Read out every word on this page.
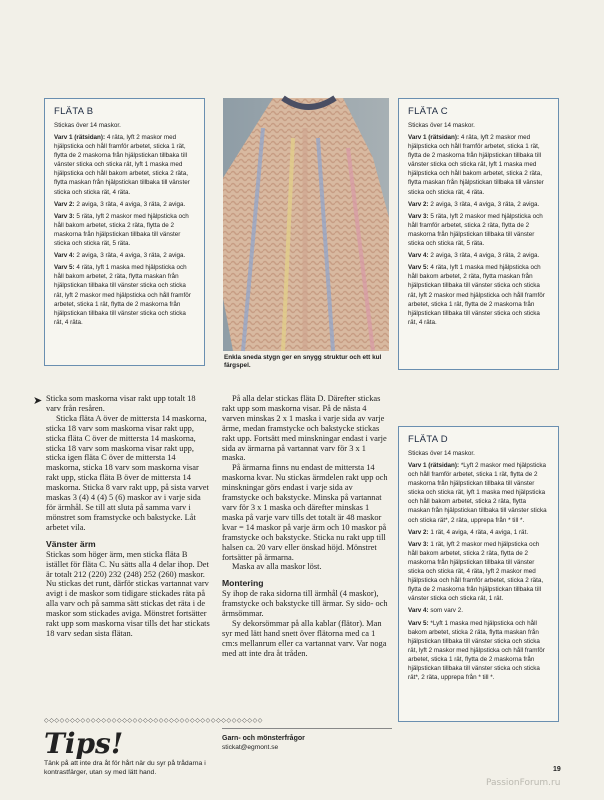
FLÄTA B
Stickas över 14 maskor.

Varv 1 (rätsidan): 4 räta, lyft 2 maskor med hjälpsticka och håll framför arbetet, sticka 1 rät, flytta de 2 maskorna från hjälpstickan tillbaka till vänster sticka och sticka rät, lyft 1 maska med hjälpsticka och håll bakom arbetet, sticka 2 räta, flytta maskan från hjälpstickan tillbaka till vänster sticka och sticka rät, 4 räta.

Varv 2: 2 aviga, 3 räta, 4 aviga, 3 räta, 2 aviga.

Varv 3: 5 räta, lyft 2 maskor med hjälpsticka och håll bakom arbetet, sticka 2 räta, flytta de 2 maskorna från hjälpstickan tillbaka till vänster sticka och sticka rät, 5 räta.

Varv 4: 2 aviga, 3 räta, 4 aviga, 3 räta, 2 aviga.

Varv 5: 4 räta, lyft 1 maska med hjälpsticka och håll bakom arbetet, 2 räta, flytta maskan från hjälpstickan tillbaka till vänster sticka och sticka rät, lyft 2 maskor med hjälpsticka och håll framför arbetet, sticka 1 rät, flytta de 2 maskorna från hjälpstickan tillbaka till vänster sticka och sticka rät, 4 räta.

Enkla sneda stygn ger en snygg struktur och ett kul färgspel.
FLÄTA C
Stickas över 14 maskor.

Varv 1 (rätsidan): 4 räta, lyft 2 maskor med hjälpsticka och håll framför arbetet, sticka 1 rät, flytta de 2 maskorna från hjälpstickan tillbaka till vänster sticka och sticka rät, lyft 1 maska med hjälpsticka och håll bakom arbetet, sticka 2 räta, flytta maskan från hjälpstickan tillbaka till vänster sticka och sticka rät, 4 räta.

Varv 2: 2 aviga, 3 räta, 4 aviga, 3 räta, 2 aviga.

Varv 3: 5 räta, lyft 2 maskor med hjälpsticka och håll framför arbetet, sticka 2 räta, flytta de 2 maskorna från hjälpstickan tillbaka till vänster sticka och sticka rät, 5 räta.

Varv 4: 2 aviga, 3 räta, 4 aviga, 3 räta, 2 aviga.

Varv 5: 4 räta, lyft 1 maska med hjälpsticka och håll bakom arbetet, 2 räta, flytta maskan från hjälpstickan tillbaka till vänster sticka och sticka rät, lyft 2 maskor med hjälpsticka och håll framför arbetet, sticka 1 rät, flytta de 2 maskorna från hjälpstickan tillbaka till vänster sticka och sticka rät, 4 räta.

FLÄTA D
Stickas över 14 maskor.

Varv 1 (rätsidan): *Lyft 2 maskor med hjälpsticka och håll framför arbetet, sticka 1 rät, flytta de 2 maskorna från hjälpstickan tillbaka till vänster sticka och sticka rät, lyft 1 maska med hjälpsticka och håll bakom arbetet, sticka 2 räta, flytta maskan från hjälpstickan tillbaka till vänster sticka och sticka rät*, 2 räta, upprepa från * till *.

Varv 2: 1 rät, 4 aviga, 4 räta, 4 aviga, 1 rät.

Varv 3: 1 rät, lyft 2 maskor med hjälpsticka och håll bakom arbetet, sticka 2 räta, flytta de 2 maskorna från hjälpstickan tillbaka till vänster sticka och sticka rät, 4 räta, lyft 2 maskor med hjälpsticka och håll framför arbetet, sticka 2 räta, flytta de 2 maskorna från hjälpstickan tillbaka till vänster sticka och sticka rät, 1 rät.

Varv 4: som varv 2.

Varv 5: *Lyft 1 maska med hjälpsticka och håll bakom arbetet, sticka 2 räta, flytta maskan från hjälpstickan tillbaka till vänster sticka och sticka rät, lyft 2 maskor med hjälpsticka och håll framför arbetet, sticka 1 rät, flytta de 2 maskorna från hjälpstickan tillbaka till vänster sticka och sticka rät*, 2 räta, upprepa från * till *.

➤ Sticka som maskorna visar rakt upp totalt 18 varv från resåren.

Sticka fläta A över de mittersta 14 maskorna, sticka 18 varv som maskorna visar rakt upp, sticka fläta C över de mittersta 14 maskorna, sticka 18 varv som maskorna visar rakt upp, sticka igen fläta C över de mittersta 14 maskorna, sticka 18 varv som maskorna visar rakt upp, sticka fläta B över de mittersta 14 maskorna. Sticka 8 varv rakt upp, på sista varvet maskas 3 (4) 4 (4) 5 (6) maskor av i varje sida för ärmhål. Se till att sluta på samma varv i mönstret som framstycke och bakstycke. Låt arbetet vila.

Vänster ärm

Stickas som höger ärm, men sticka fläta B istället för fläta C. Nu sätts alla 4 delar ihop. Det är totalt 212 (220) 232 (248) 252 (260) maskor. Nu stickas det runt, därför stickas vartannat varv avigt i de maskor som tidigare stickades räta på alla varv och på samma sätt stickas det räta i de maskor som stickades aviga. Mönstret fortsätter rakt upp som maskorna visar tills det har stickats 18 varv sedan sista flätan.

På alla delar stickas fläta D. Därefter stickas rakt upp som maskorna visar. På de nästa 4 varven minskas 2 x 1 maska i varje sida av varje ärme, medan framstycke och bakstycke stickas rakt upp. Fortsätt med minskningar endast i varje sida av ärmarna på vartannat varv för 3 x 1 maska.

På ärmarna finns nu endast de mittersta 14 maskorna kvar. Nu stickas ärmdelen rakt upp och minskningar görs endast i varje sida av framstycke och bakstycke. Minska på vartannat varv för 3 x 1 maska och därefter minskas 1 maska på varje varv tills det totalt är 48 maskor kvar = 14 maskor på varje ärm och 10 maskor på framstycke och bakstycke. Sticka nu rakt upp till halsen ca. 20 varv eller önskad höjd. Mönstret fortsätter på ärmarna.

Maska av alla maskor löst.

Montering

Sy ihop de raka sidorna till ärmhål (4 maskor), framstycke och bakstycke till ärmar. Sy sido- och ärmsömmar.

Sy dekorsömmar på alla kablar (flätor). Man syr med lätt hand snett över flätorna med ca 1 cm:s mellanrum eller ca vartannat varv. Var noga med att inte dra åt tråden.

◇◇◇◇◇◇◇◇◇◇◇◇◇◇◇◇◇◇◇◇◇◇◇◇◇◇◇◇◇◇◇◇◇◇◇◇◇◇◇◇◇◇
Tips!
Tänk på att inte dra åt för hårt när du syr på trådarna i kontrastfärger, utan sy med lätt hand.
Garn- och mönsterfrågor
stickat@egmont.se
19
PassionForum.ru
